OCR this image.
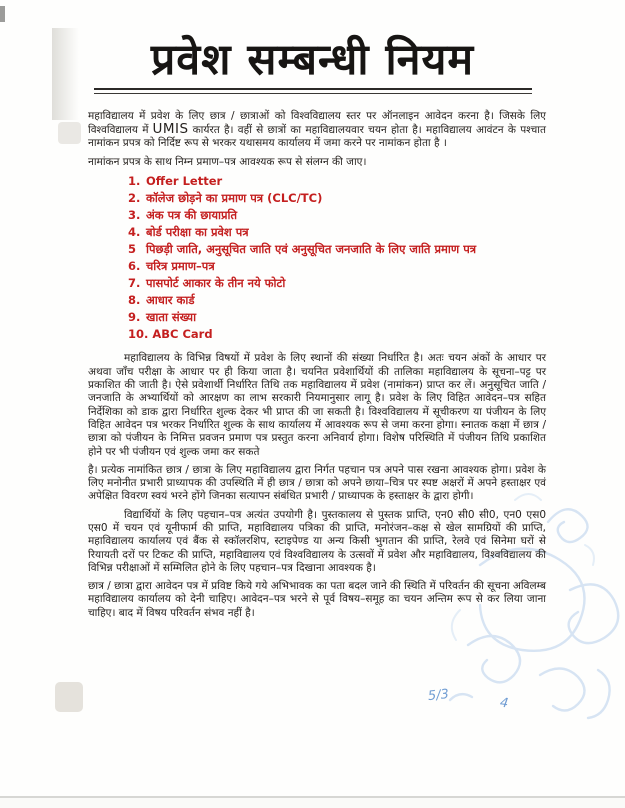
प्रवेश सम्बन्धी नियम

महाविद्यालय में प्रवेश के लिए छात्र / छात्राओं को विश्वविद्यालय स्तर पर ऑनलाइन आवेदन करना है। जिसके लिए विश्वविद्यालय में UMIS कार्यरत है। वहीं से छात्रों का महाविद्यालयवार चयन होता है। महाविद्यालय आवंटन के पश्चात नामांकन प्रपत्र को निर्दिष्ट रूप से भरकर यथासमय कार्यालय में जमा करने पर नामांकन होता है ।

नामांकन प्रपत्र के साथ निम्न प्रमाण–पत्र आवश्यक रूप से संलग्न की जाए।

1. Offer Letter
2. कॉलेज छोड़ने का प्रमाण पत्र (CLC/TC)
3. अंक पत्र की छायाप्रति
4. बोर्ड परीक्षा का प्रवेश पत्र
5 पिछड़ी जाति, अनुसूचित जाति एवं अनुसूचित जनजाति के लिए जाति प्रमाण पत्र
6. चरित्र प्रमाण–पत्र
7. पासपोर्ट आकार के तीन नये फोटो
8. आधार कार्ड
9. खाता संख्या
10. ABC Card

महाविद्यालय के विभिन्न विषयों में प्रवेश के लिए स्थानों की संख्या निर्धारित है। अतः चयन अंकों के आधार पर अथवा जाँच परीक्षा के आधार पर ही किया जाता है। चयनित प्रवेशार्थियों की तालिका महाविद्यालय के सूचना–पट्ट पर प्रकाशित की जाती है। ऐसे प्रवेशार्थी निर्धारित तिथि तक महाविद्यालय में प्रवेश (नामांकन) प्राप्त कर लें। अनुसूचित जाति / जनजाति के अभ्यार्थियों को आरक्षण का लाभ सरकारी नियमानुसार लागू है। प्रवेश के लिए विहित आवेदन–पत्र सहित निर्देशिका को डाक द्वारा निर्धारित शुल्क देकर भी प्राप्त की जा सकती है। विश्वविद्यालय में सूचीकरण या पंजीयन के लिए विहित आवेदन पत्र भरकर निर्धारित शुल्क के साथ कार्यालय में आवश्यक रूप से जमा करना होगा। स्नातक कक्षा में छात्र / छात्रा को पंजीयन के निमित्त प्रवजन प्रमाण पत्र प्रस्तुत करना अनिवार्य होगा। विशेष परिस्थिति में पंजीयन तिथि प्रकाशित होने पर भी पंजीयन एवं शुल्क जमा कर सकते

है। प्रत्येक नामांकित छात्र / छात्रा के लिए महाविद्यालय द्वारा निर्गत पहचान पत्र अपने पास रखना आवश्यक होगा। प्रवेश के लिए मनोनीत प्रभारी प्राध्यापक की उपस्थिति में ही छात्र / छात्रा को अपने छाया–चित्र पर स्पष्ट अक्षरों में अपने हस्ताक्षर एवं अपेक्षित विवरण स्वयं भरने होंगे जिनका सत्यापन संबंधित प्रभारी / प्राध्यापक के हस्ताक्षर के द्वारा होगी।

विद्यार्थियों के लिए पहचान–पत्र अत्यंत उपयोगी है। पुस्तकालय से पुस्तक प्राप्ति, एन0 सी0 सी0, एन0 एस0 एस0 में चयन एवं यूनीफार्म की प्राप्ति, महाविद्यालय पत्रिका की प्राप्ति, मनोरंजन–कक्ष से खेल सामग्रियों की प्राप्ति, महाविद्यालय कार्यालय एवं बैंक से स्कॉलरशिप, स्टाइपेण्ड या अन्य किसी भुगतान की प्राप्ति, रेलवे एवं सिनेमा घरों से रियायती दरों पर टिकट की प्राप्ति, महाविद्यालय एवं विश्वविद्यालय के उत्सवों में प्रवेश और महाविद्यालय, विश्वविद्यालय की विभिन्न परीक्षाओं में सम्मिलित होने के लिए पहचान–पत्र दिखाना आवश्यक है।

छात्र / छात्रा द्वारा आवेदन पत्र में प्रविष्ट किये गये अभिभावक का पता बदल जाने की स्थिति में परिवर्तन की सूचना अविलम्ब महाविद्यालय कार्यालय को देनी चाहिए। आवेदन–पत्र भरने से पूर्व विषय–समूह का चयन अन्तिम रूप से कर लिया जाना चाहिए। बाद में विषय परिवर्तन संभव नहीं है।

5/3	4
